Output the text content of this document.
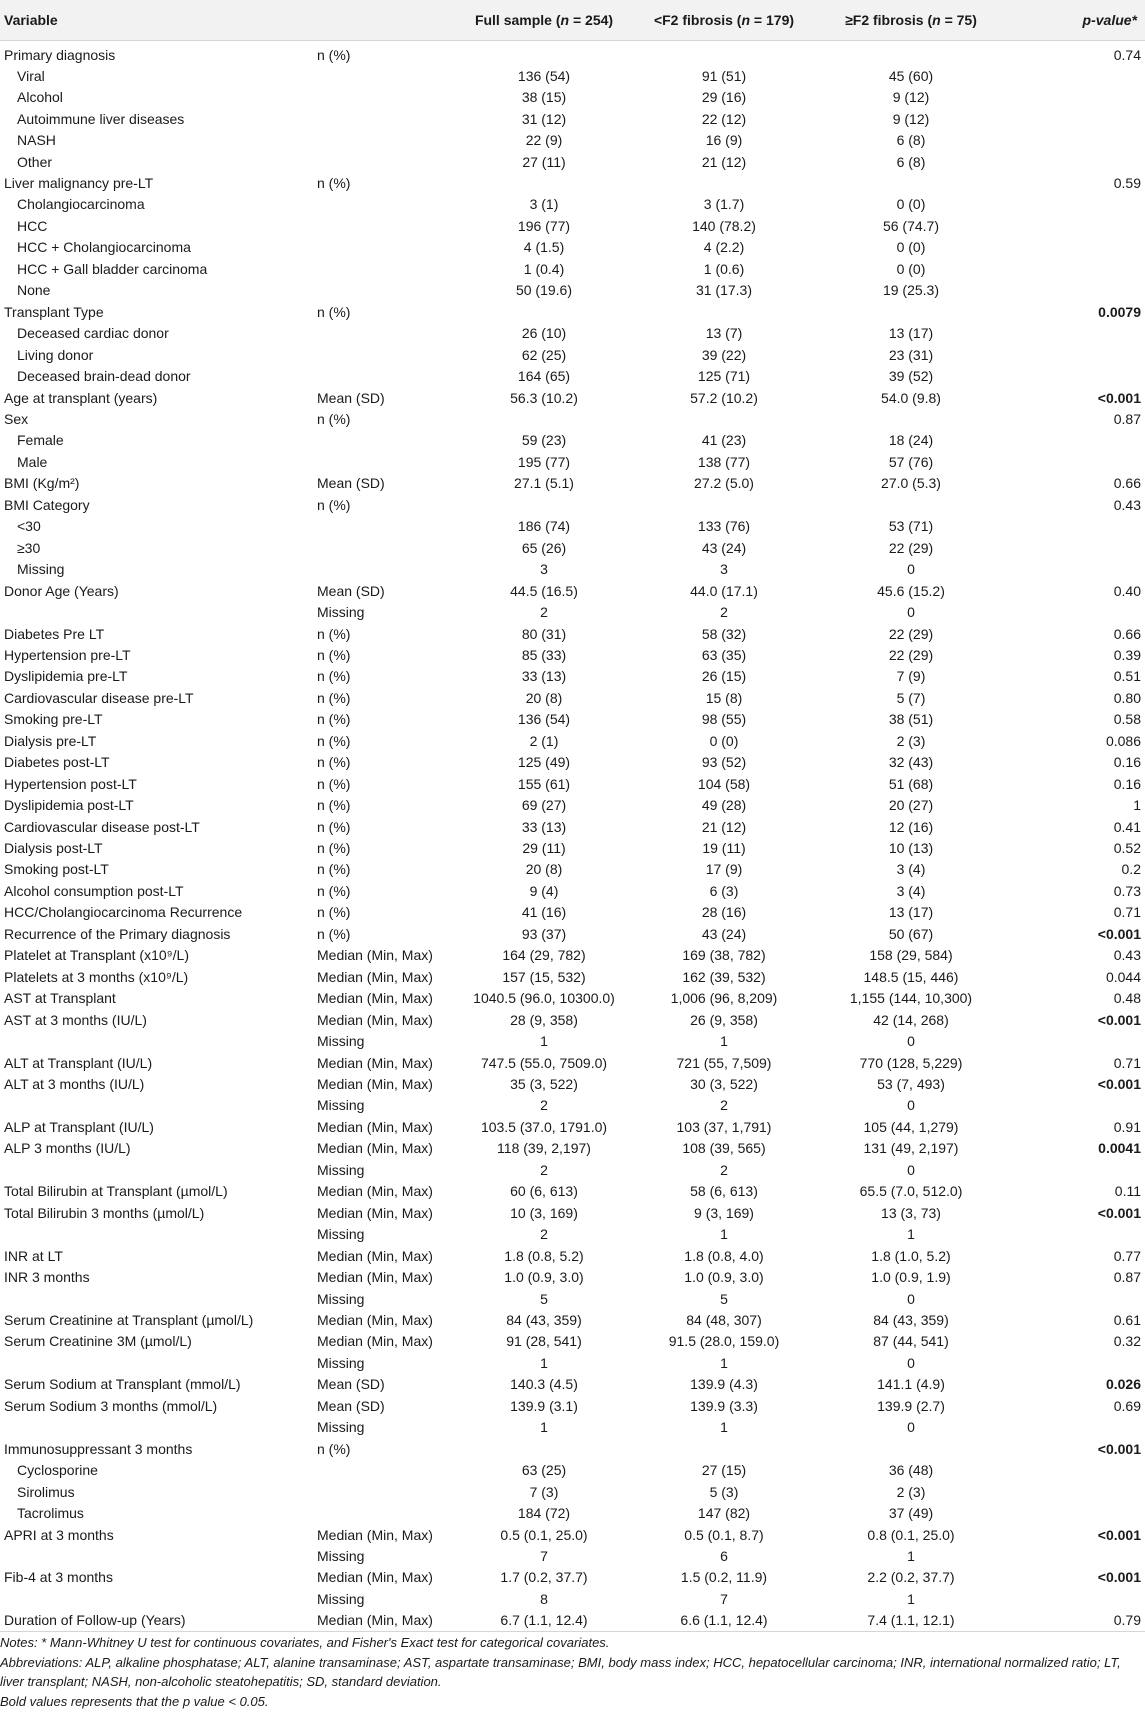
Variable		Full sample (n = 254)	<F2 fibrosis (n = 179)	≥F2 fibrosis (n = 75)	p-value*
Primary diagnosis	n (%)				0.74
Viral		136 (54)	91 (51)	45 (60)	
Alcohol		38 (15)	29 (16)	9 (12)	
Autoimmune liver diseases		31 (12)	22 (12)	9 (12)	
NASH		22 (9)	16 (9)	6 (8)	
Other		27 (11)	21 (12)	6 (8)	
Liver malignancy pre-LT	n (%)				0.59
Cholangiocarcinoma		3 (1)	3 (1.7)	0 (0)	
HCC		196 (77)	140 (78.2)	56 (74.7)	
HCC + Cholangiocarcinoma		4 (1.5)	4 (2.2)	0 (0)	
HCC + Gall bladder carcinoma		1 (0.4)	1 (0.6)	0 (0)	
None		50 (19.6)	31 (17.3)	19 (25.3)	
Transplant Type	n (%)				0.0079
Deceased cardiac donor		26 (10)	13 (7)	13 (17)	
Living donor		62 (25)	39 (22)	23 (31)	
Deceased brain-dead donor		164 (65)	125 (71)	39 (52)	
Age at transplant (years)	Mean (SD)	56.3 (10.2)	57.2 (10.2)	54.0 (9.8)	<0.001
Sex	n (%)				0.87
Female		59 (23)	41 (23)	18 (24)	
Male		195 (77)	138 (77)	57 (76)	
BMI (Kg/m²)	Mean (SD)	27.1 (5.1)	27.2 (5.0)	27.0 (5.3)	0.66
BMI Category	n (%)				0.43
<30		186 (74)	133 (76)	53 (71)	
≥30		65 (26)	43 (24)	22 (29)	
Missing		3	3	0	
Donor Age (Years)	Mean (SD)	44.5 (16.5)	44.0 (17.1)	45.6 (15.2)	0.40
	Missing	2	2	0	
Diabetes Pre LT	n (%)	80 (31)	58 (32)	22 (29)	0.66
Hypertension pre-LT	n (%)	85 (33)	63 (35)	22 (29)	0.39
Dyslipidemia pre-LT	n (%)	33 (13)	26 (15)	7 (9)	0.51
Cardiovascular disease pre-LT	n (%)	20 (8)	15 (8)	5 (7)	0.80
Smoking pre-LT	n (%)	136 (54)	98 (55)	38 (51)	0.58
Dialysis pre-LT	n (%)	2 (1)	0 (0)	2 (3)	0.086
Diabetes post-LT	n (%)	125 (49)	93 (52)	32 (43)	0.16
Hypertension post-LT	n (%)	155 (61)	104 (58)	51 (68)	0.16
Dyslipidemia post-LT	n (%)	69 (27)	49 (28)	20 (27)	1
Cardiovascular disease post-LT	n (%)	33 (13)	21 (12)	12 (16)	0.41
Dialysis post-LT	n (%)	29 (11)	19 (11)	10 (13)	0.52
Smoking post-LT	n (%)	20 (8)	17 (9)	3 (4)	0.2
Alcohol consumption post-LT	n (%)	9 (4)	6 (3)	3 (4)	0.73
HCC/Cholangiocarcinoma Recurrence	n (%)	41 (16)	28 (16)	13 (17)	0.71
Recurrence of the Primary diagnosis	n (%)	93 (37)	43 (24)	50 (67)	<0.001
Platelet at Transplant (x10⁹/L)	Median (Min, Max)	164 (29, 782)	169 (38, 782)	158 (29, 584)	0.43
Platelets at 3 months (x10⁹/L)	Median (Min, Max)	157 (15, 532)	162 (39, 532)	148.5 (15, 446)	0.044
AST at Transplant	Median (Min, Max)	1040.5 (96.0, 10300.0)	1,006 (96, 8,209)	1,155 (144, 10,300)	0.48
AST at 3 months (IU/L)	Median (Min, Max)	28 (9, 358)	26 (9, 358)	42 (14, 268)	<0.001
	Missing	1	1	0	
ALT at Transplant (IU/L)	Median (Min, Max)	747.5 (55.0, 7509.0)	721 (55, 7,509)	770 (128, 5,229)	0.71
ALT at 3 months (IU/L)	Median (Min, Max)	35 (3, 522)	30 (3, 522)	53 (7, 493)	<0.001
	Missing	2	2	0	
ALP at Transplant (IU/L)	Median (Min, Max)	103.5 (37.0, 1791.0)	103 (37, 1,791)	105 (44, 1,279)	0.91
ALP 3 months (IU/L)	Median (Min, Max)	118 (39, 2,197)	108 (39, 565)	131 (49, 2,197)	0.0041
	Missing	2	2	0	
Total Bilirubin at Transplant (µmol/L)	Median (Min, Max)	60 (6, 613)	58 (6, 613)	65.5 (7.0, 512.0)	0.11
Total Bilirubin 3 months (µmol/L)	Median (Min, Max)	10 (3, 169)	9 (3, 169)	13 (3, 73)	<0.001
	Missing	2	1	1	
INR at LT	Median (Min, Max)	1.8 (0.8, 5.2)	1.8 (0.8, 4.0)	1.8 (1.0, 5.2)	0.77
INR 3 months	Median (Min, Max)	1.0 (0.9, 3.0)	1.0 (0.9, 3.0)	1.0 (0.9, 1.9)	0.87
	Missing	5	5	0	
Serum Creatinine at Transplant (µmol/L)	Median (Min, Max)	84 (43, 359)	84 (48, 307)	84 (43, 359)	0.61
Serum Creatinine 3M (µmol/L)	Median (Min, Max)	91 (28, 541)	91.5 (28.0, 159.0)	87 (44, 541)	0.32
	Missing	1	1	0	
Serum Sodium at Transplant (mmol/L)	Mean (SD)	140.3 (4.5)	139.9 (4.3)	141.1 (4.9)	0.026
Serum Sodium 3 months (mmol/L)	Mean (SD)	139.9 (3.1)	139.9 (3.3)	139.9 (2.7)	0.69
	Missing	1	1	0	
Immunosuppressant 3 months	n (%)				<0.001
Cyclosporine		63 (25)	27 (15)	36 (48)	
Sirolimus		7 (3)	5 (3)	2 (3)	
Tacrolimus		184 (72)	147 (82)	37 (49)	
APRI at 3 months	Median (Min, Max)	0.5 (0.1, 25.0)	0.5 (0.1, 8.7)	0.8 (0.1, 25.0)	<0.001
	Missing	7	6	1	
Fib-4 at 3 months	Median (Min, Max)	1.7 (0.2, 37.7)	1.5 (0.2, 11.9)	2.2 (0.2, 37.7)	<0.001
	Missing	8	7	1	
Duration of Follow-up (Years)	Median (Min, Max)	6.7 (1.1, 12.4)	6.6 (1.1, 12.4)	7.4 (1.1, 12.1)	0.79

Notes: * Mann-Whitney U test for continuous covariates, and Fisher's Exact test for categorical covariates.

Abbreviations: ALP, alkaline phosphatase; ALT, alanine transaminase; AST, aspartate transaminase; BMI, body mass index; HCC, hepatocellular carcinoma; INR, international normalized ratio; LT, liver transplant; NASH, non-alcoholic steatohepatitis; SD, standard deviation.

Bold values represents that the p value < 0.05.
